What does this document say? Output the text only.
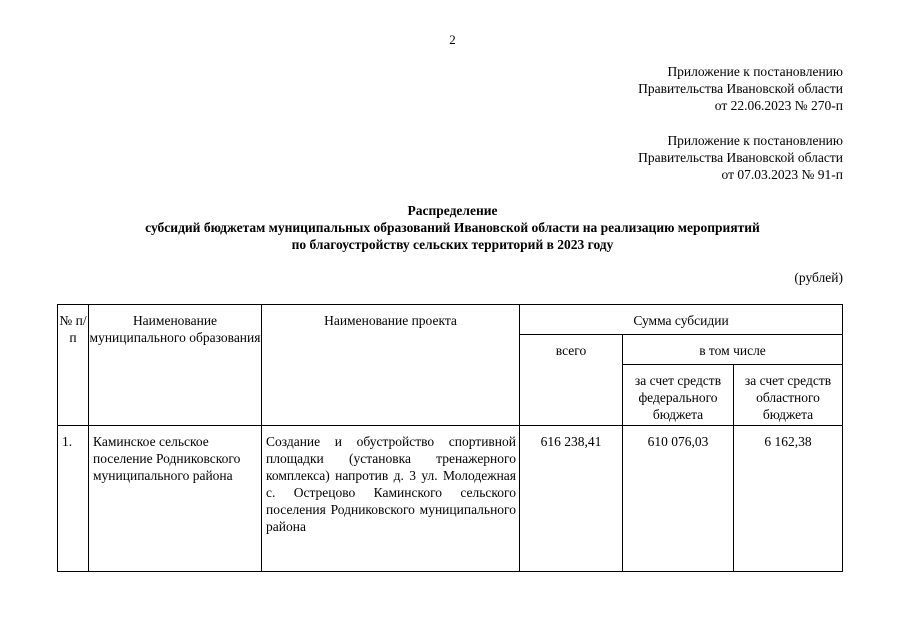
2
Приложение к постановлению
Правительства Ивановской области
от 22.06.2023 № 270-п
Приложение к постановлению
Правительства Ивановской области
от 07.03.2023 № 91-п
Распределение
субсидий бюджетам муниципальных образований Ивановской области на реализацию мероприятий
по благоустройству сельских территорий в 2023 году
(рублей)
№ п/п	Наименование муниципального образования	Наименование проекта	Сумма субсидии		
			всего	в том числе	
				за счет средств федерального бюджета	за счет средств областного бюджета
1.	Каминское сельское поселение Родниковского муниципального района	Создание и обустройство спортивной площадки (установка тренажерного комплекса) напротив д. 3 ул. Молодежная с. Острецово Каминского сельского поселения Родниковского муниципального района	616 238,41	610 076,03	6 162,38
